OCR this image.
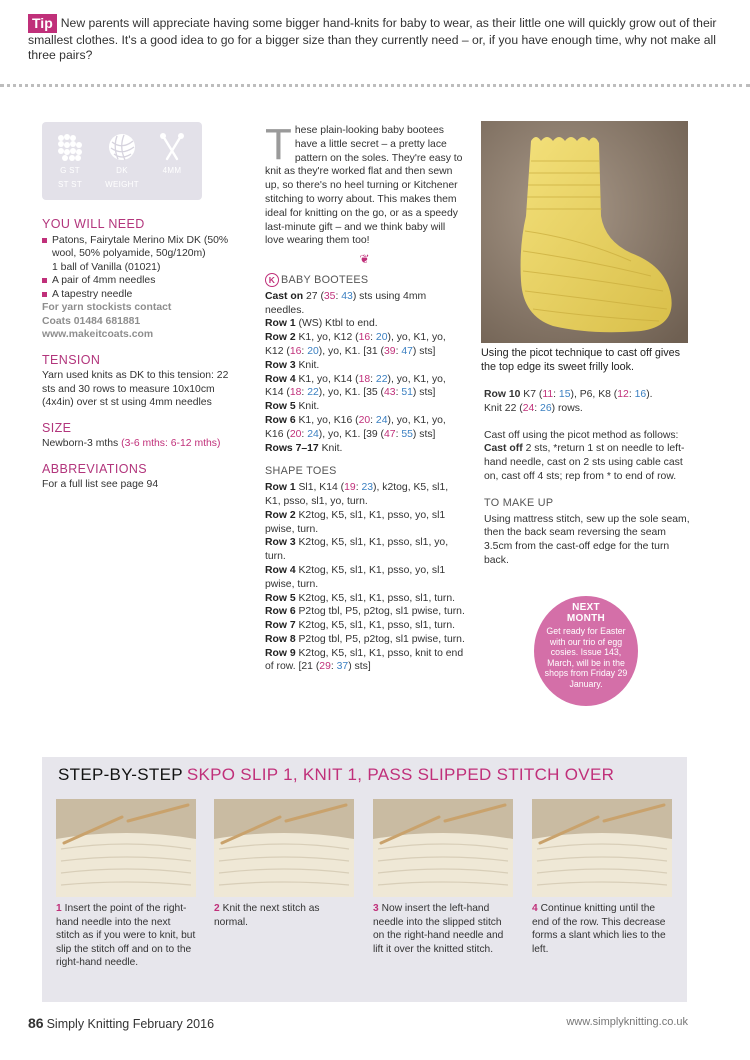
Tip New parents will appreciate having some bigger hand-knits for baby to wear, as their little one will quickly grow out of their smallest clothes. It's a good idea to go for a bigger size than they currently need – or, if you have enough time, why not make all three pairs?
G ST
ST ST
DK
WEIGHT
4MM
YOU WILL NEED
Patons, Fairytale Merino Mix DK (50% wool, 50% polyamide, 50g/120m)
1 ball of Vanilla (01021)
A pair of 4mm needles
A tapestry needle
For yarn stockists contact
Coats 01484 681881
www.makeitcoats.com
TENSION
Yarn used knits as DK to this tension: 22 sts and 30 rows to measure 10x10cm (4x4in) over st st using 4mm needles
SIZE
Newborn-3 mths (3-6 mths: 6-12 mths)
ABBREVIATIONS
For a full list see page 94
These plain-looking baby bootees have a little secret – a pretty lace pattern on the soles. They're easy to knit as they're worked flat and then sewn up, so there's no heel turning or Kitchener stitching to worry about. This makes them ideal for knitting on the go, or as a speedy last-minute gift – and we think baby will love wearing them too!
❦
K BABY BOOTEES
Cast on 27 (35: 43) sts using 4mm needles.
Row 1 (WS) Ktbl to end.
Row 2 K1, yo, K12 (16: 20), yo, K1, yo, K12 (16: 20), yo, K1. [31 (39: 47) sts]
Row 3 Knit.
Row 4 K1, yo, K14 (18: 22), yo, K1, yo, K14 (18: 22), yo, K1. [35 (43: 51) sts]
Row 5 Knit.
Row 6 K1, yo, K16 (20: 24), yo, K1, yo, K16 (20: 24), yo, K1. [39 (47: 55) sts]
Rows 7–17 Knit.
SHAPE TOES
Row 1 Sl1, K14 (19: 23), k2tog, K5, sl1, K1, psso, sl1, yo, turn.
Row 2 K2tog, K5, sl1, K1, psso, yo, sl1 pwise, turn.
Row 3 K2tog, K5, sl1, K1, psso, sl1, yo, turn.
Row 4 K2tog, K5, sl1, K1, psso, yo, sl1 pwise, turn.
Row 5 K2tog, K5, sl1, K1, psso, sl1, turn.
Row 6 P2tog tbl, P5, p2tog, sl1 pwise, turn.
Row 7 K2tog, K5, sl1, K1, psso, sl1, turn.
Row 8 P2tog tbl, P5, p2tog, sl1 pwise, turn.
Row 9 K2tog, K5, sl1, K1, psso, knit to end of row. [21 (29: 37) sts]
Using the picot technique to cast off gives the top edge its sweet frilly look.

Row 10 K7 (11: 15), P6, K8 (12: 16).
Knit 22 (24: 26) rows.

Cast off using the picot method as follows:
Cast off 2 sts, *return 1 st on needle to left-hand needle, cast on 2 sts using cable cast on, cast off 4 sts; rep from * to end of row.

TO MAKE UP
Using mattress stitch, sew up the sole seam, then the back seam reversing the seam 3.5cm from the cast-off edge for the turn back.
NEXT
MONTH
Get ready for Easter with our trio of egg cosies. Issue 143, March, will be in the shops from Friday 29 January.
STEP-BY-STEP SKPO SLIP 1, KNIT 1, PASS SLIPPED STITCH OVER
1 Insert the point of the right-hand needle into the next stitch as if you were to knit, but slip the stitch off and on to the right-hand needle.
2 Knit the next stitch as normal.
3 Now insert the left-hand needle into the slipped stitch on the right-hand needle and lift it over the knitted stitch.
4 Continue knitting until the end of the row. This decrease forms a slant which lies to the left.
86 Simply Knitting February 2016	www.simplyknitting.co.uk
